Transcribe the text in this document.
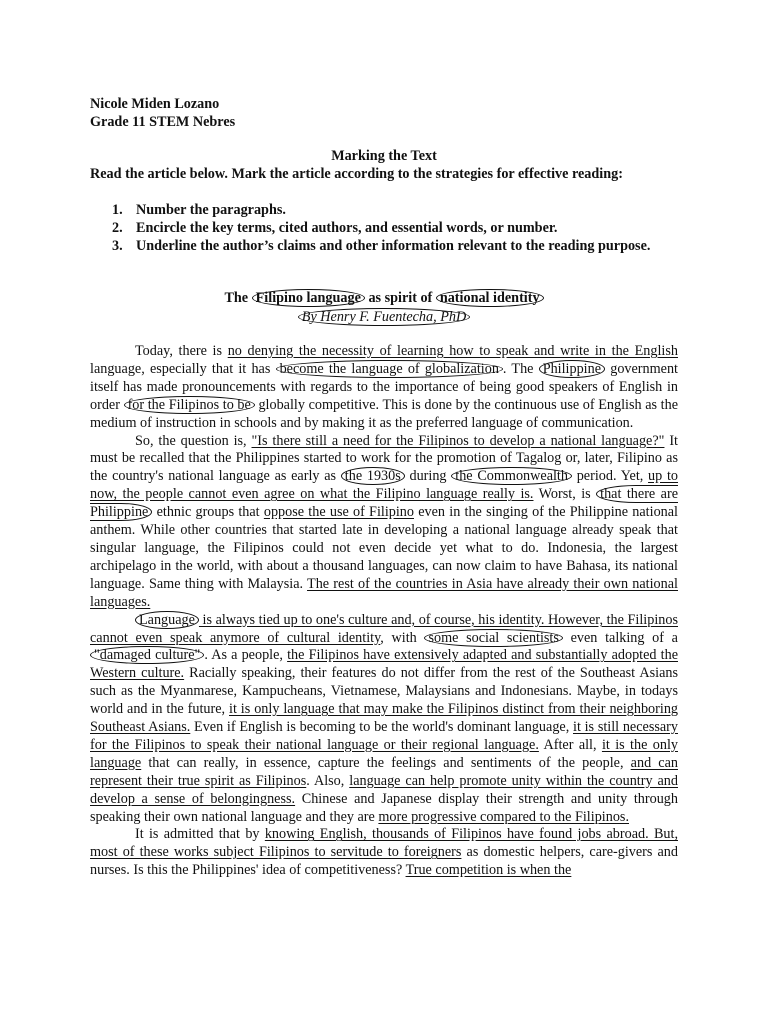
Nicole Miden Lozano
Grade 11 STEM Nebres
Marking the Text
Read the article below. Mark the article according to the strategies for effective reading:
1. Number the paragraphs.
2. Encircle the key terms, cited authors, and essential words, or number.
3. Underline the author’s claims and other information relevant to the reading purpose.
The Filipino language as spirit of national identity
By Henry F. Fuentecha, PhD

Today, there is no denying the necessity of learning how to speak and write in the English language, especially that it has become the language of globalization . The Philippine government itself has made pronouncements with regards to the importance of being good speakers of English in order for the Filipinos to be globally competitive. This is done by the continuous use of English as the medium of instruction in schools and by making it as the preferred language of communication.

So, the question is, "Is there still a need for the Filipinos to develop a national language?" It must be recalled that the Philippines started to work for the promotion of Tagalog or, later, Filipino as the country's national language as early as the 1930s during the Commonwealth period. Yet, up to now, the people cannot even agree on what the Filipino language really is. Worst, is that there are Philippine ethnic groups that oppose the use of Filipino even in the singing of the Philippine national anthem. While other countries that started late in developing a national language already speak that singular language, the Filipinos could not even decide yet what to do. Indonesia, the largest archipelago in the world, with about a thousand languages, can now claim to have Bahasa, its national language. Same thing with Malaysia. The rest of the countries in Asia have already their own national languages.

Language is always tied up to one's culture and, of course, his identity. However, the Filipinos cannot even speak anymore of cultural identity, with some social scientists even talking of a "damaged culture" . As a people, the Filipinos have extensively adapted and substantially adopted the Western culture. Racially speaking, their features do not differ from the rest of the Southeast Asians such as the Myanmarese, Kampucheans, Vietnamese, Malaysians and Indonesians. Maybe, in todays world and in the future, it is only language that may make the Filipinos distinct from their neighboring Southeast Asians. Even if English is becoming to be the world's dominant language, it is still necessary for the Filipinos to speak their national language or their regional language. After all, it is the only language that can really, in essence, capture the feelings and sentiments of the people, and can represent their true spirit as Filipinos. Also, language can help promote unity within the country and develop a sense of belongingness. Chinese and Japanese display their strength and unity through speaking their own national language and they are more progressive compared to the Filipinos.

It is admitted that by knowing English, thousands of Filipinos have found jobs abroad. But, most of these works subject Filipinos to servitude to foreigners as domestic helpers, care-givers and nurses. Is this the Philippines' idea of competitiveness? True competition is when the
